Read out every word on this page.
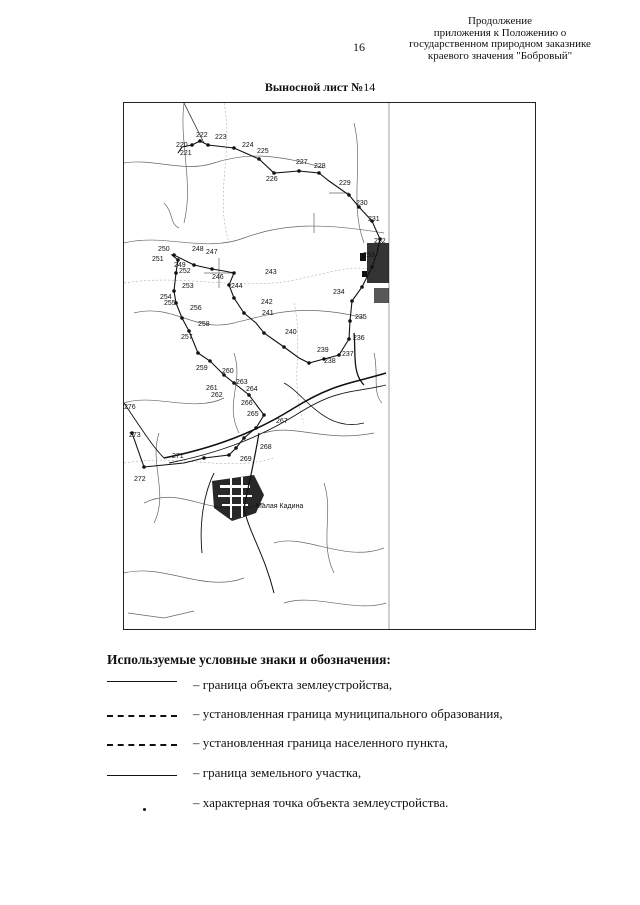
16
Продолжение
приложения к Положению о
государственном природном заказнике
краевого значения "Бобровый"
Выносной лист №14
220
221
222 223
224
225
226
227
228
229
230
231
232
233
234
235
236
237
238
239
240
241
242
243
244
246
247
248
249
250
251
252
253
254
255
256
257
258
259 260
261
262
263
264
265
266
267
268
269
271
272
273
276
Малая Кадина
Используемые условные знаки и обозначения:
– граница объекта землеустройства,
– установленная граница муниципального образования,
– установленная граница населенного пункта,
– граница земельного участка,
– характерная точка объекта землеустройства.
